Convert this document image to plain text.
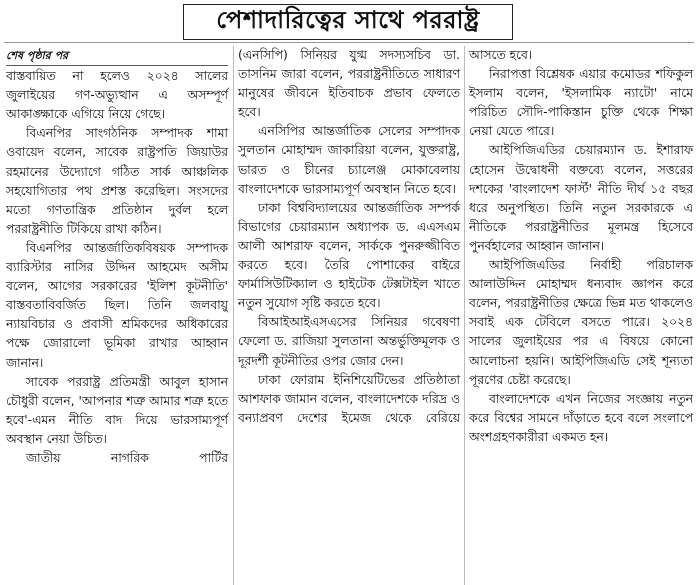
পেশাদারিত্বের সাথে পররাষ্ট্র

শেষ পৃষ্ঠার পর

বাস্তবায়িত না হলেও ২০২৪ সালের জুলাইয়ের গণ-অভ্যুত্থান এ অসম্পূর্ণ আকাঙ্ক্ষাকে এগিয়ে নিয়ে গেছে।

বিএনপির সাংগঠনিক সম্পাদক শামা ওবায়েদ বলেন, সাবেক রাষ্ট্রপতি জিয়াউর রহমানের উদ্যোগে গঠিত সার্ক আঞ্চলিক সহযোগিতার পথ প্রশস্ত করেছিল। সংসদের মতো গণতান্ত্রিক প্রতিষ্ঠান দুর্বল হলে পররাষ্ট্রনীতি টিকিয়ে রাখা কঠিন।

বিএনপির আন্তর্জাতিকবিষয়ক সম্পাদক ব্যারিস্টার নাসির উদ্দিন আহমেদ অসীম বলেন, আগের সরকারের 'ইলিশ কূটনীতি' বাস্তবতাবিবর্জিত ছিল। তিনি জলবায়ু ন্যায়বিচার ও প্রবাসী শ্রমিকদের অধিকারের পক্ষে জোরালো ভূমিকা রাখার আহ্বান জানান।

সাবেক পররাষ্ট্র প্রতিমন্ত্রী আবুল হাসান চৌধুরী বলেন, 'আপনার শত্রু আমার শত্রু হতে হবে'-এমন নীতি বাদ দিয়ে ভারসাম্যপূর্ণ অবস্থান নেয়া উচিত।

জাতীয় নাগরিক পার্টির

(এনসিপি) সিনিয়র যুগ্ম সদস্যসচিব ডা. তাসনিম জারা বলেন, পররাষ্ট্রনীতিতে সাধারণ মানুষের জীবনে ইতিবাচক প্রভাব ফেলতে হবে।

এনসিপির আন্তর্জাতিক সেলের সম্পাদক সুলতান মোহাম্মদ জাকারিয়া বলেন, যুক্তরাষ্ট্র, ভারত ও চীনের চ্যালেঞ্জ মোকাবেলায় বাংলাদেশকে ভারসাম্যপূর্ণ অবস্থান নিতে হবে।

ঢাকা বিশ্ববিদ্যালয়ের আন্তর্জাতিক সম্পর্ক বিভাগের চেয়ারম্যান অধ্যাপক ড. এএসএম আলী আশরাফ বলেন, সার্ককে পুনরুজ্জীবিত করতে হবে। তৈরি পোশাকের বাইরে ফার্মাসিউটিক্যাল ও হাইটেক টেক্সটাইল খাতে নতুন সুযোগ সৃষ্টি করতে হবে।

বিআইআইএসএসের সিনিয়র গবেষণা ফেলো ড. রাজিয়া সুলতানা অন্তর্ভুক্তিমূলক ও দূরদর্শী কূটনীতির ওপর জোর দেন।

ঢাকা ফোরাম ইনিশিয়েটিভের প্রতিষ্ঠাতা আশফাক জামান বলেন, বাংলাদেশকে দরিদ্র ও বন্যাপ্রবণ দেশের ইমেজ থেকে বেরিয়ে

আসতে হবে।

নিরাপত্তা বিশ্লেষক এয়ার কমোডর শফিকুল ইসলাম বলেন, 'ইসলামিক ন্যাটো' নামে পরিচিত সৌদি-পাকিস্তান চুক্তি থেকে শিক্ষা নেয়া যেতে পারে।

আইপিজিএডির চেয়ারম্যান ড. ইশারাফ হোসেন উদ্বোধনী বক্তব্যে বলেন, সত্তরের দশকের 'বাংলাদেশ ফার্স্ট' নীতি দীর্ঘ ১৫ বছর ধরে অনুপস্থিত। তিনি নতুন সরকারকে এ নীতিকে পররাষ্ট্রনীতির মূলমন্ত্র হিসেবে পুনর্বহালের আহ্বান জানান।

আইপিজিএডির নির্বাহী পরিচালক আলাউদ্দিন মোহাম্মদ ধন্যবাদ জ্ঞাপন করে বলেন, পররাষ্ট্রনীতির ক্ষেত্রে ভিন্ন মত থাকলেও সবাই এক টেবিলে বসতে পারে। ২০২৪ সালের জুলাইয়ের পর এ বিষয়ে কোনো আলোচনা হয়নি। আইপিজিএডি সেই শূন্যতা পূরণের চেষ্টা করেছে।

বাংলাদেশকে এখন নিজের সংজ্ঞায় নতুন করে বিশ্বের সামনে দাঁড়াতে হবে বলে সংলাপে অংশগ্রহণকারীরা একমত হন।
